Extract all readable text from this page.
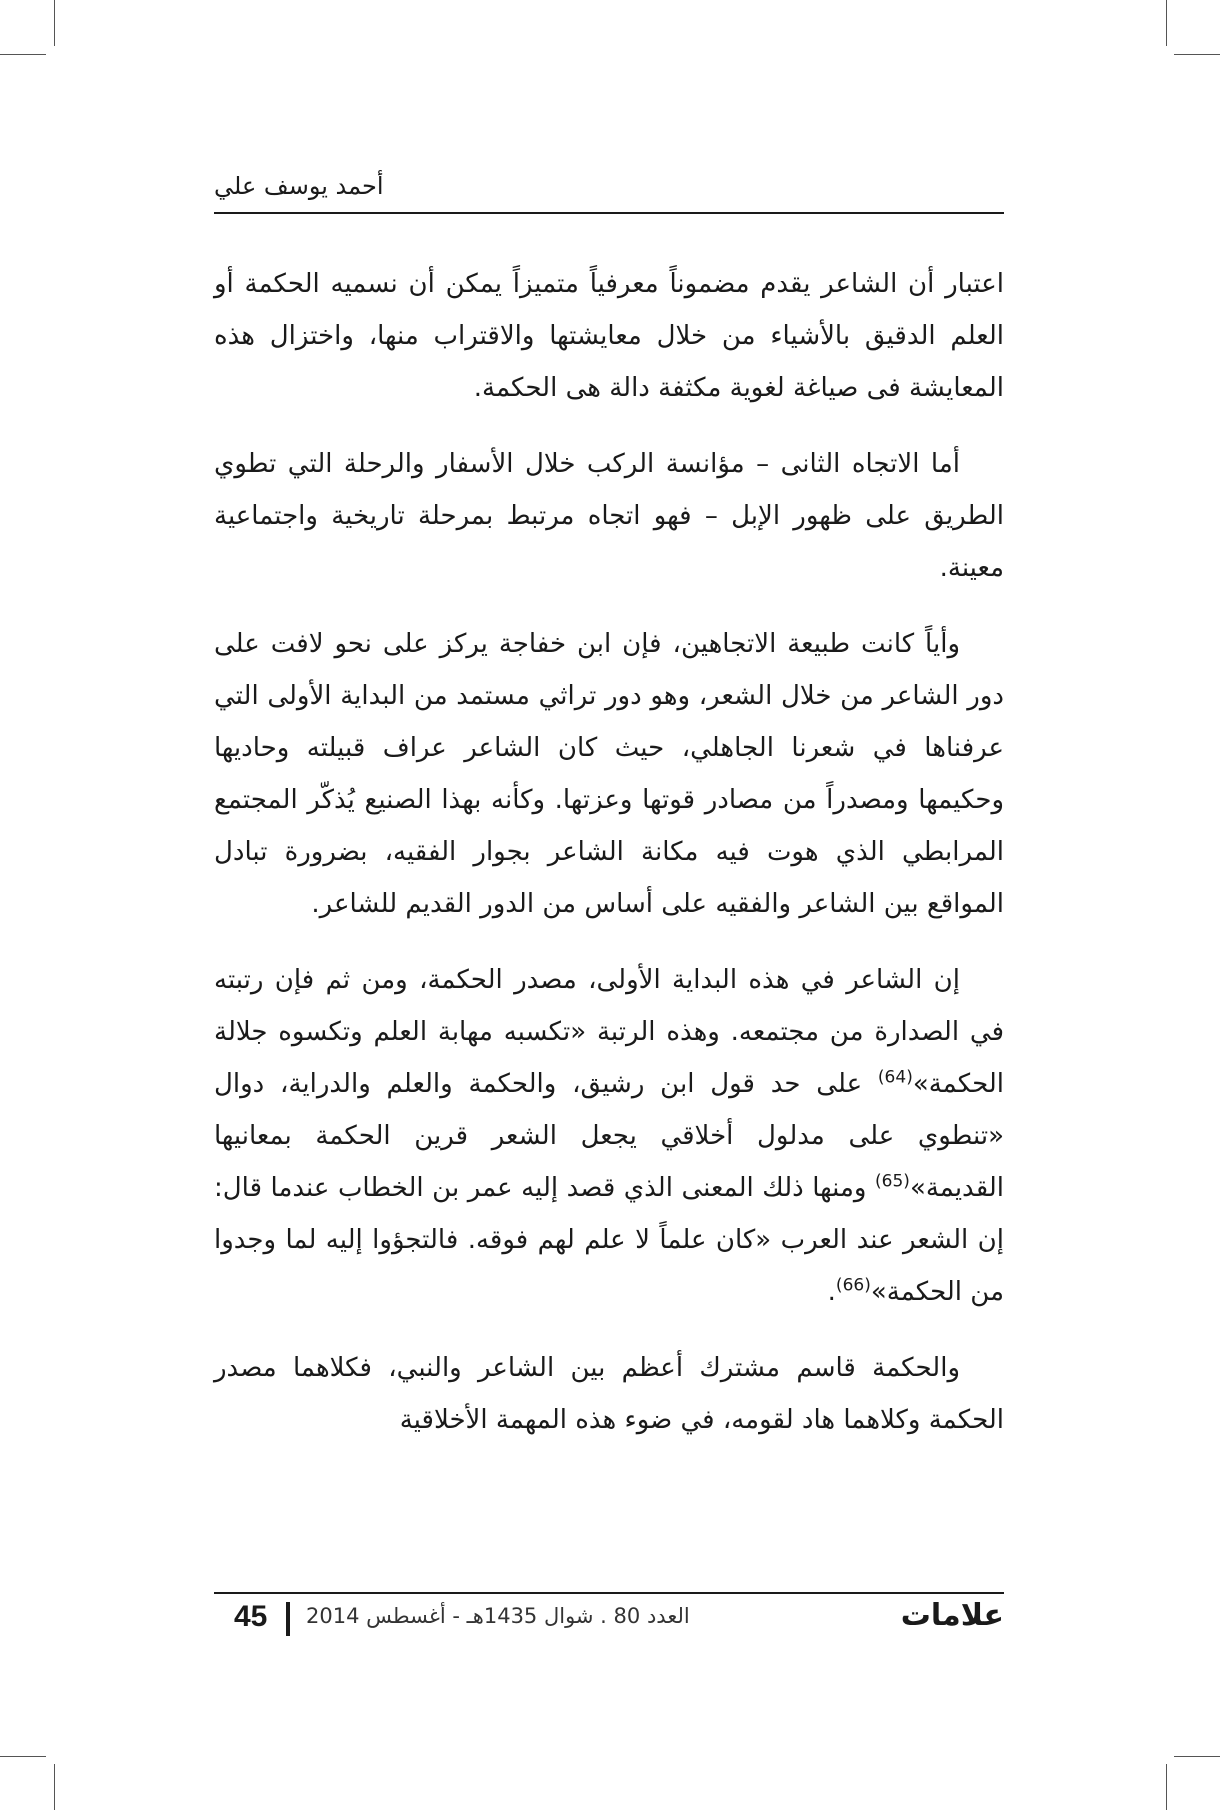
أحمد يوسف علي

اعتبار أن الشاعر يقدم مضموناً معرفياً متميزاً يمكن أن نسميه الحكمة أو العلم الدقيق بالأشياء من خلال معايشتها والاقتراب منها، واختزال هذه المعايشة فى صياغة لغوية مكثفة دالة هى الحكمة.

أما الاتجاه الثانى – مؤانسة الركب خلال الأسفار والرحلة التي تطوي الطريق على ظهور الإبل – فهو اتجاه مرتبط بمرحلة تاريخية واجتماعية معينة.

وأياً كانت طبيعة الاتجاهين، فإن ابن خفاجة يركز على نحو لافت على دور الشاعر من خلال الشعر، وهو دور تراثي مستمد من البداية الأولى التي عرفناها في شعرنا الجاهلي، حيث كان الشاعر عراف قبيلته وحاديها وحكيمها ومصدراً من مصادر قوتها وعزتها. وكأنه بهذا الصنيع يُذكّر المجتمع المرابطي الذي هوت فيه مكانة الشاعر بجوار الفقيه، بضرورة تبادل المواقع بين الشاعر والفقيه على أساس من الدور القديم للشاعر.

إن الشاعر في هذه البداية الأولى، مصدر الحكمة، ومن ثم فإن رتبته في الصدارة من مجتمعه. وهذه الرتبة «تكسبه مهابة العلم وتكسوه جلالة الحكمة»$^{(64)}$ على حد قول ابن رشيق، والحكمة والعلم والدراية، دوال «تنطوي على مدلول أخلاقي يجعل الشعر قرين الحكمة بمعانيها القديمة»$^{(65)}$ ومنها ذلك المعنى الذي قصد إليه عمر بن الخطاب عندما قال: إن الشعر عند العرب «كان علماً لا علم لهم فوقه. فالتجؤوا إليه لما وجدوا من الحكمة»$^{(66)}$.

والحكمة قاسم مشترك أعظم بين الشاعر والنبي، فكلاهما مصدر الحكمة وكلاهما هاد لقومه، في ضوء هذه المهمة الأخلاقية

45 العدد 80 . شوال 1435هـ - أغسطس 2014	علامات
